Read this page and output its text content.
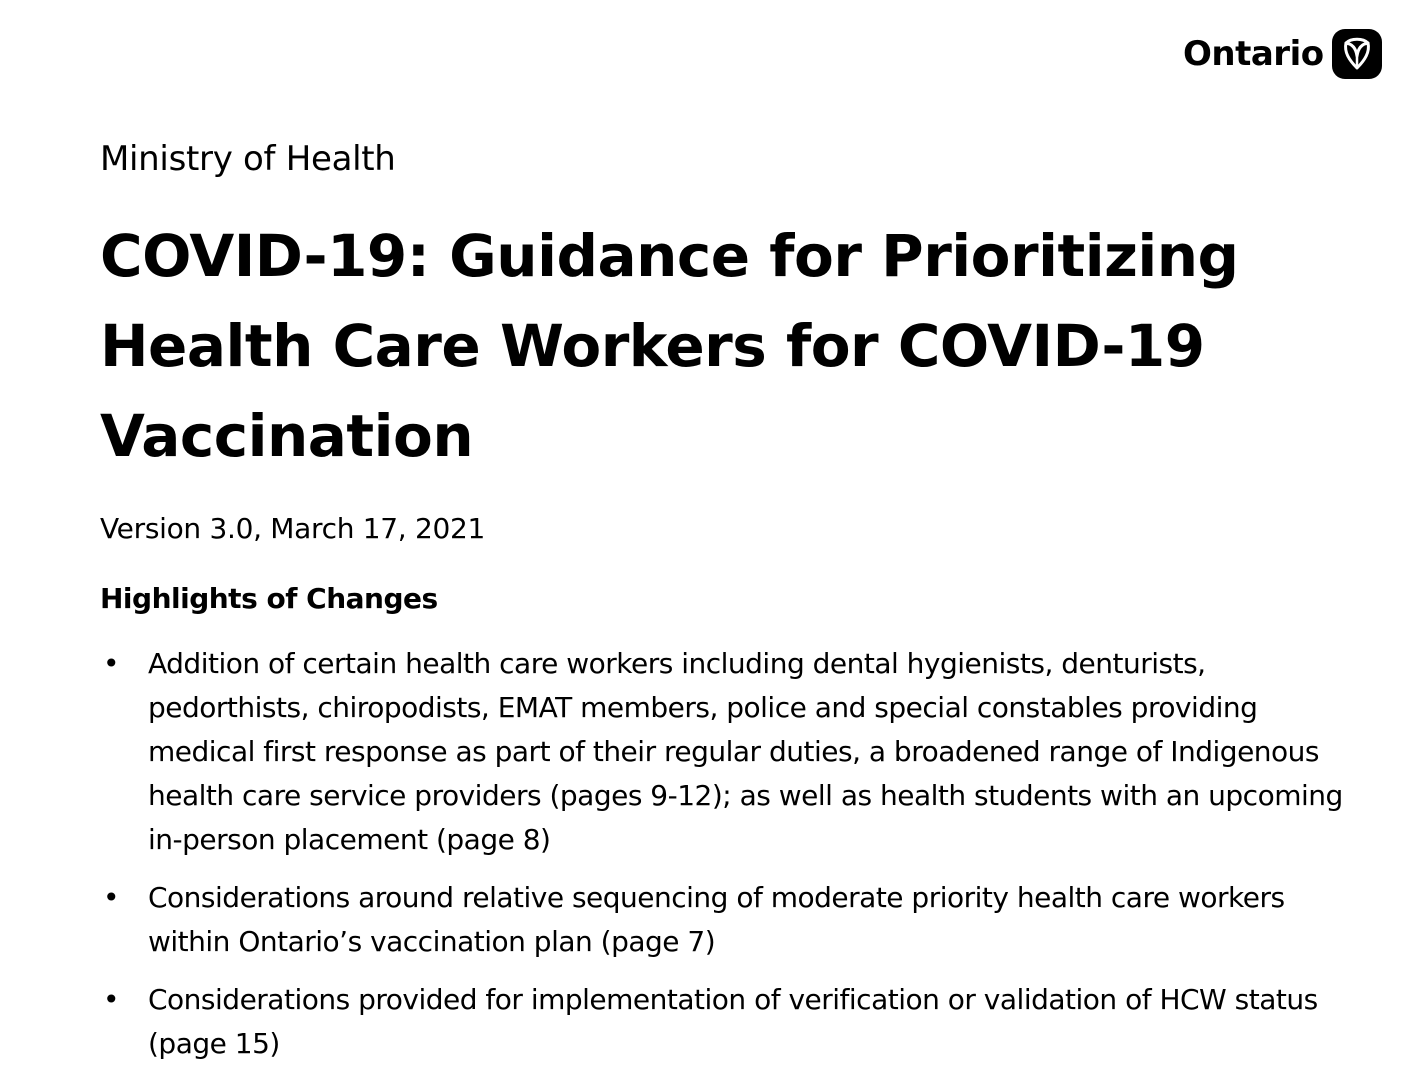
Ontario

Ministry of Health

COVID-19: Guidance for Prioritizing Health Care Workers for COVID-19 Vaccination

Version 3.0, March 17, 2021

Highlights of Changes
• Addition of certain health care workers including dental hygienists, denturists, pedorthists, chiropodists, EMAT members, police and special constables providing medical first response as part of their regular duties, a broadened range of Indigenous health care service providers (pages 9-12); as well as health students with an upcoming in-person placement (page 8)
• Considerations around relative sequencing of moderate priority health care workers within Ontario’s vaccination plan (page 7)
• Considerations provided for implementation of verification or validation of HCW status (page 15)
